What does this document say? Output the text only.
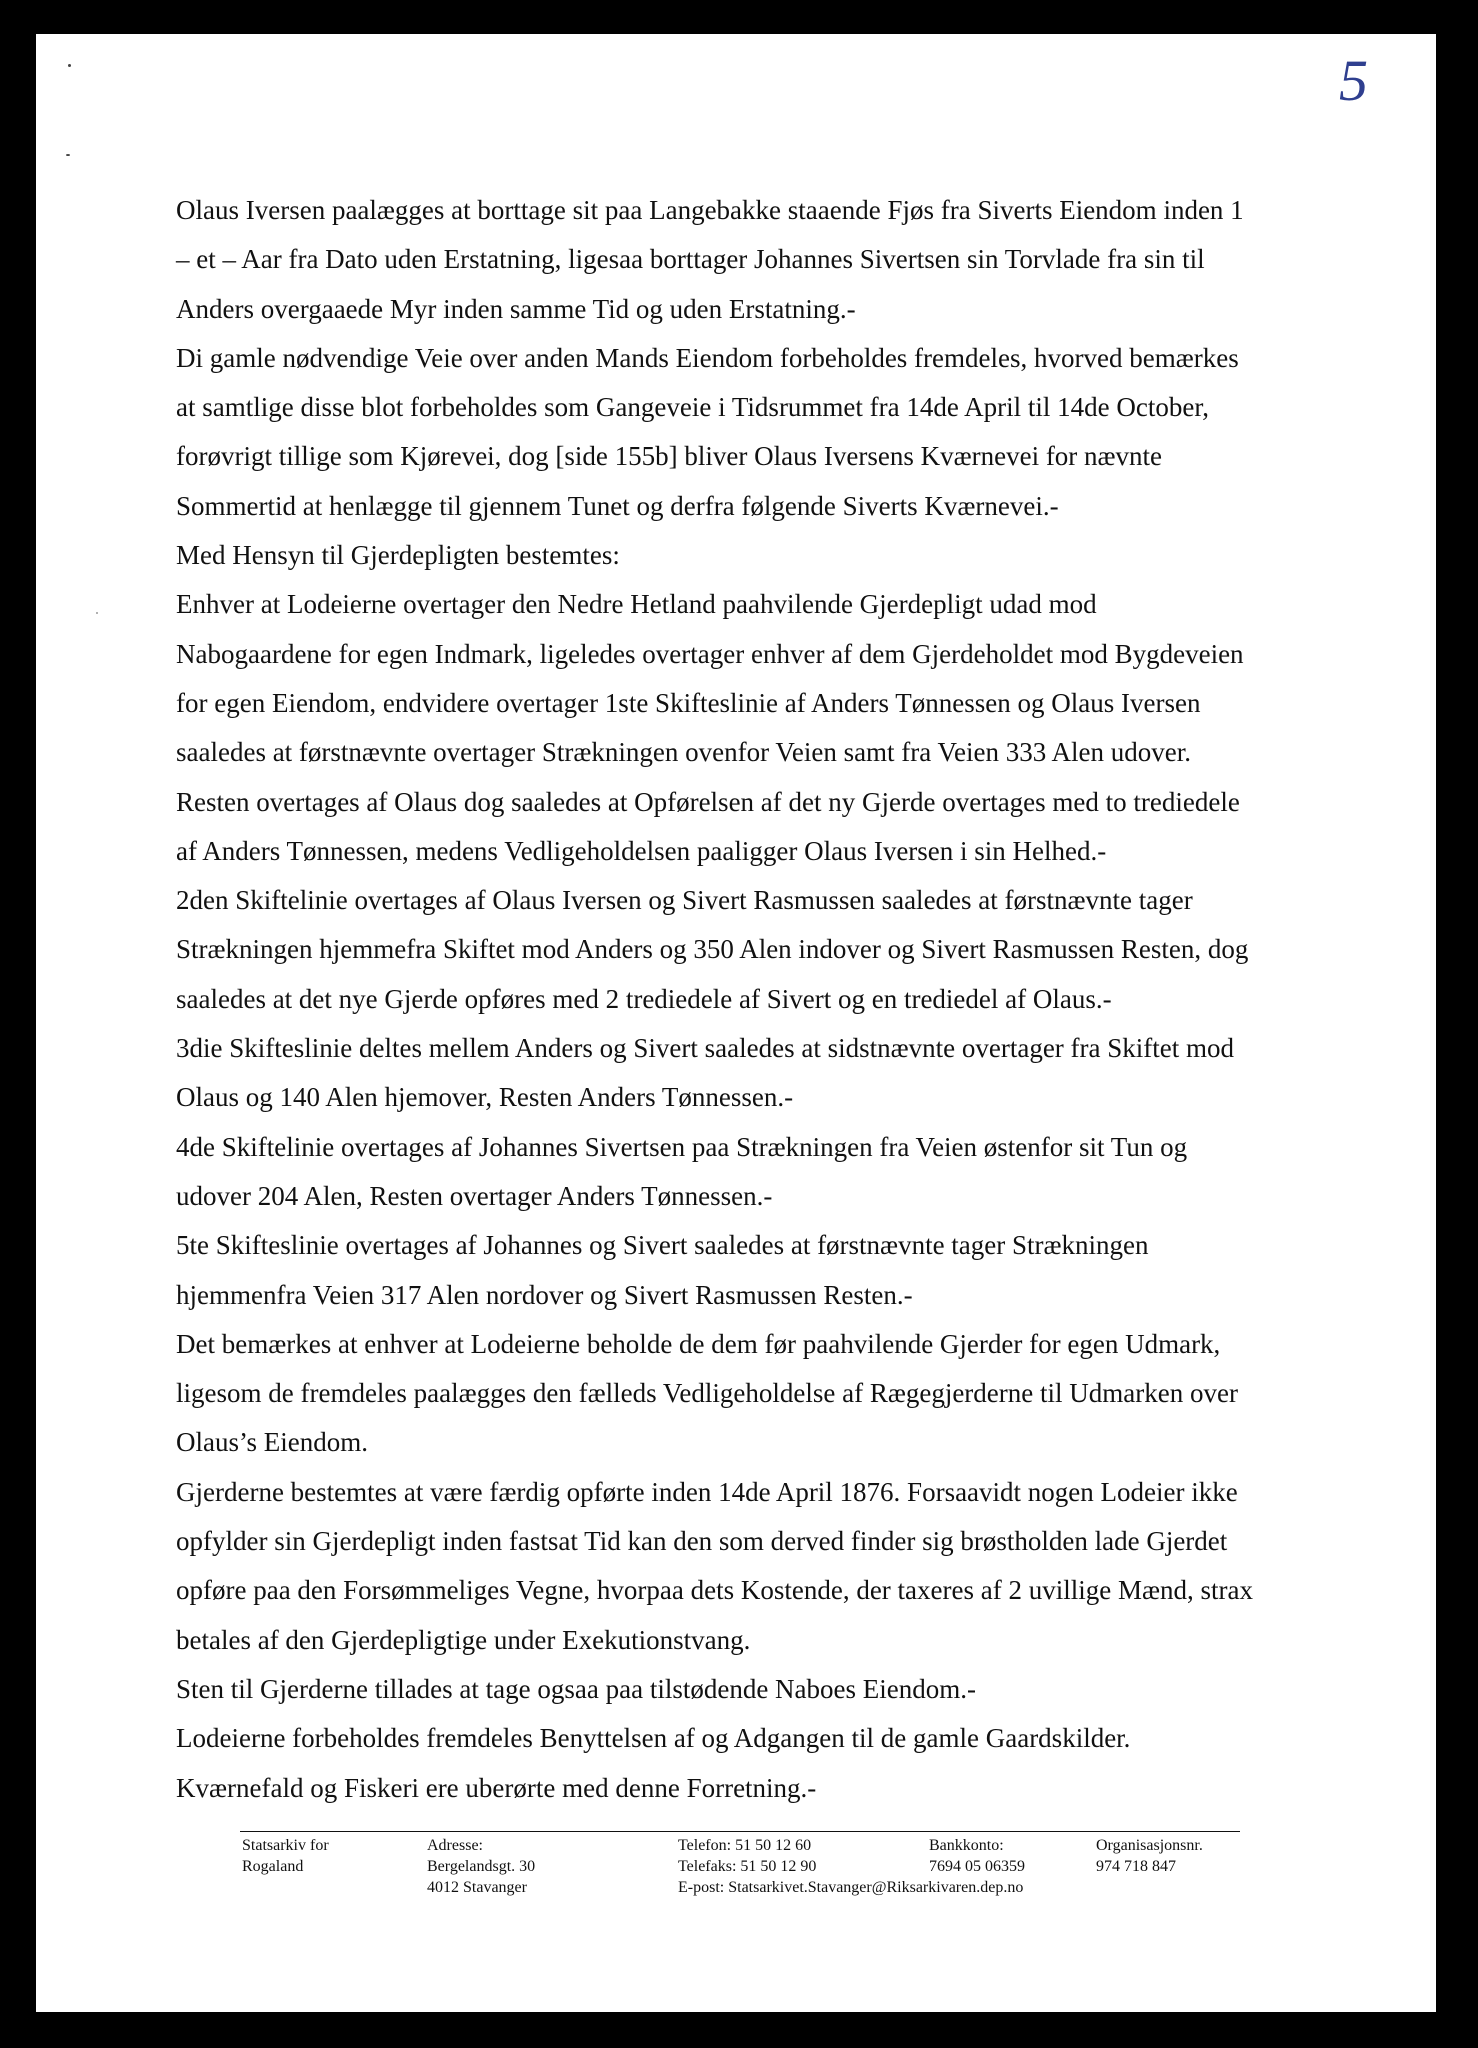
5
Olaus Iversen paalægges at borttage sit paa Langebakke staaende Fjøs fra Siverts Eiendom inden 1
– et – Aar fra Dato uden Erstatning, ligesaa borttager Johannes Sivertsen sin Torvlade fra sin til
Anders overgaaede Myr inden samme Tid og uden Erstatning.-
Di gamle nødvendige Veie over anden Mands Eiendom forbeholdes fremdeles, hvorved bemærkes
at samtlige disse blot forbeholdes som Gangeveie i Tidsrummet fra 14de April til 14de October,
forøvrigt tillige som Kjørevei, dog [side 155b] bliver Olaus Iversens Kværnevei for nævnte
Sommertid at henlægge til gjennem Tunet og derfra følgende Siverts Kværnevei.-
Med Hensyn til Gjerdepligten bestemtes:
Enhver at Lodeierne overtager den Nedre Hetland paahvilende Gjerdepligt udad mod
Nabogaardene for egen Indmark, ligeledes overtager enhver af dem Gjerdeholdet mod Bygdeveien
for egen Eiendom, endvidere overtager 1ste Skifteslinie af Anders Tønnessen og Olaus Iversen
saaledes at førstnævnte overtager Strækningen ovenfor Veien samt fra Veien 333 Alen udover.
Resten overtages af Olaus dog saaledes at Opførelsen af det ny Gjerde overtages med to trediedele
af Anders Tønnessen, medens Vedligeholdelsen paaligger Olaus Iversen i sin Helhed.-
2den Skiftelinie overtages af Olaus Iversen og Sivert Rasmussen saaledes at førstnævnte tager
Strækningen hjemmefra Skiftet mod Anders og 350 Alen indover og Sivert Rasmussen Resten, dog
saaledes at det nye Gjerde opføres med 2 trediedele af Sivert og en trediedel af Olaus.-
3die Skifteslinie deltes mellem Anders og Sivert saaledes at sidstnævnte overtager fra Skiftet mod
Olaus og 140 Alen hjemover, Resten Anders Tønnessen.-
4de Skiftelinie overtages af Johannes Sivertsen paa Strækningen fra Veien østenfor sit Tun og
udover 204 Alen, Resten overtager Anders Tønnessen.-
5te Skifteslinie overtages af Johannes og Sivert saaledes at førstnævnte tager Strækningen
hjemmenfra Veien 317 Alen nordover og Sivert Rasmussen Resten.-
Det bemærkes at enhver at Lodeierne beholde de dem før paahvilende Gjerder for egen Udmark,
ligesom de fremdeles paalægges den fælleds Vedligeholdelse af Rægegjerderne til Udmarken over
Olaus’s Eiendom.
Gjerderne bestemtes at være færdig opførte inden 14de April 1876. Forsaavidt nogen Lodeier ikke
opfylder sin Gjerdepligt inden fastsat Tid kan den som derved finder sig brøstholden lade Gjerdet
opføre paa den Forsømmeliges Vegne, hvorpaa dets Kostende, der taxeres af 2 uvillige Mænd, strax
betales af den Gjerdepligtige under Exekutionstvang.
Sten til Gjerderne tillades at tage ogsaa paa tilstødende Naboes Eiendom.-
Lodeierne forbeholdes fremdeles Benyttelsen af og Adgangen til de gamle Gaardskilder.
Kværnefald og Fiskeri ere uberørte med denne Forretning.-
Statsarkiv for
Rogaland
Adresse:
Bergelandsgt. 30
4012 Stavanger
Telefon: 51 50 12 60
Telefaks: 51 50 12 90
E-post: Statsarkivet.Stavanger@Riksarkivaren.dep.no
Bankkonto:
7694 05 06359
Organisasjonsnr.
974 718 847
